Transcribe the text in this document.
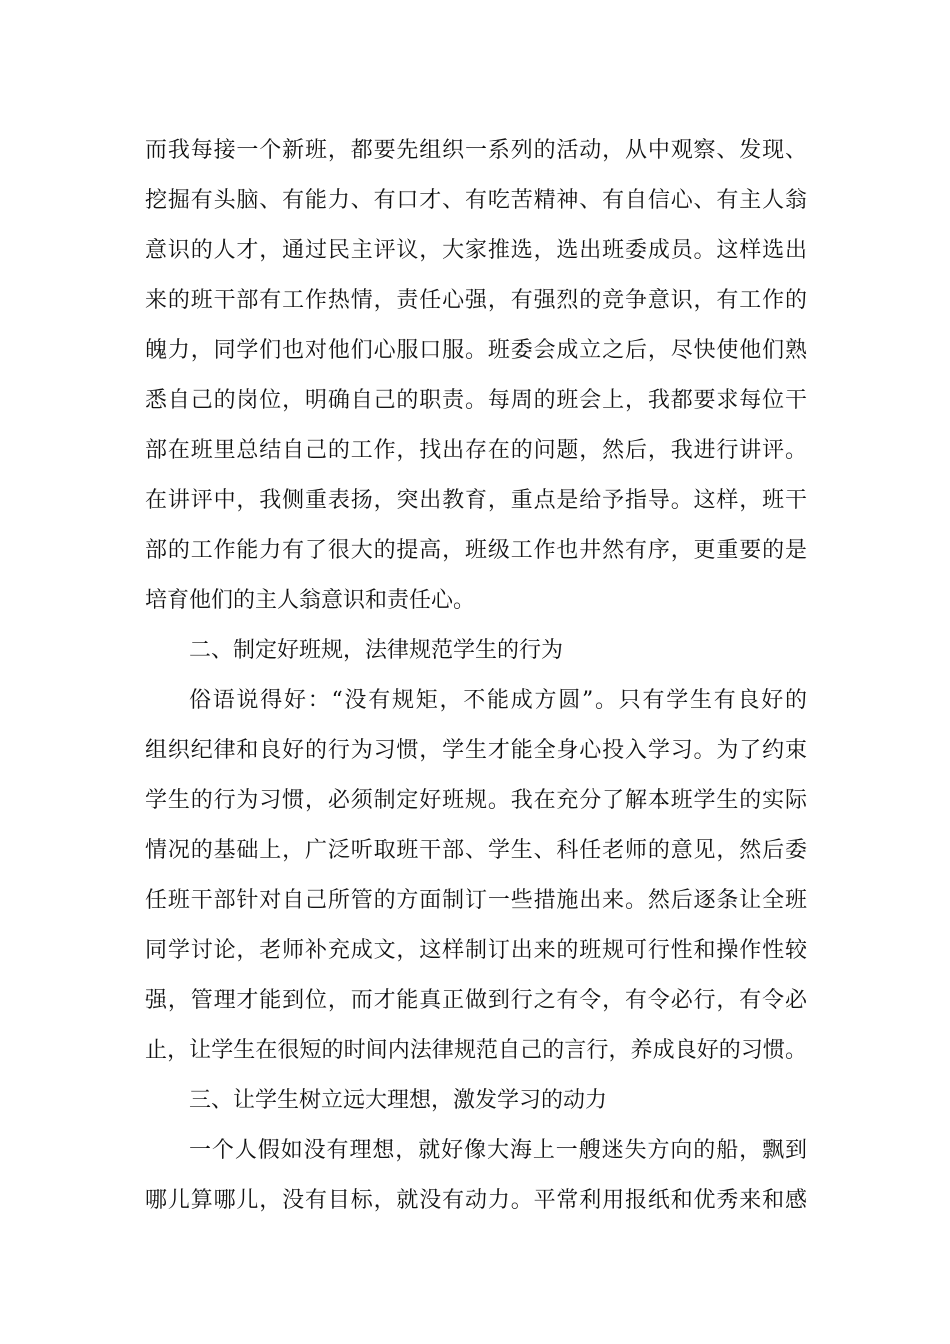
而我每接一个新班，都要先组织一系列的活动，从中观察、发现、

挖掘有头脑、有能力、有口才、有吃苦精神、有自信心、有主人翁

意识的人才，通过民主评议，大家推选，选出班委成员。这样选出

来的班干部有工作热情，责任心强，有强烈的竞争意识，有工作的

魄力，同学们也对他们心服口服。班委会成立之后，尽快使他们熟

悉自己的岗位，明确自己的职责。每周的班会上，我都要求每位干

部在班里总结自己的工作，找出存在的问题，然后，我进行讲评。

在讲评中，我侧重表扬，突出教育，重点是给予指导。这样，班干

部的工作能力有了很大的提高，班级工作也井然有序，更重要的是

培育他们的主人翁意识和责任心。

二、制定好班规，法律规范学生的行为

俗语说得好：“没有规矩，不能成方圆”。只有学生有良好的

组织纪律和良好的行为习惯，学生才能全身心投入学习。为了约束

学生的行为习惯，必须制定好班规。我在充分了解本班学生的实际

情况的基础上，广泛听取班干部、学生、科任老师的意见，然后委

任班干部针对自己所管的方面制订一些措施出来。然后逐条让全班

同学讨论，老师补充成文，这样制订出来的班规可行性和操作性较

强，管理才能到位，而才能真正做到行之有令，有令必行，有令必

止，让学生在很短的时间内法律规范自己的言行，养成良好的习惯。

三、让学生树立远大理想，激发学习的动力

一个人假如没有理想，就好像大海上一艘迷失方向的船，飘到

哪儿算哪儿，没有目标，就没有动力。平常利用报纸和优秀来和感
